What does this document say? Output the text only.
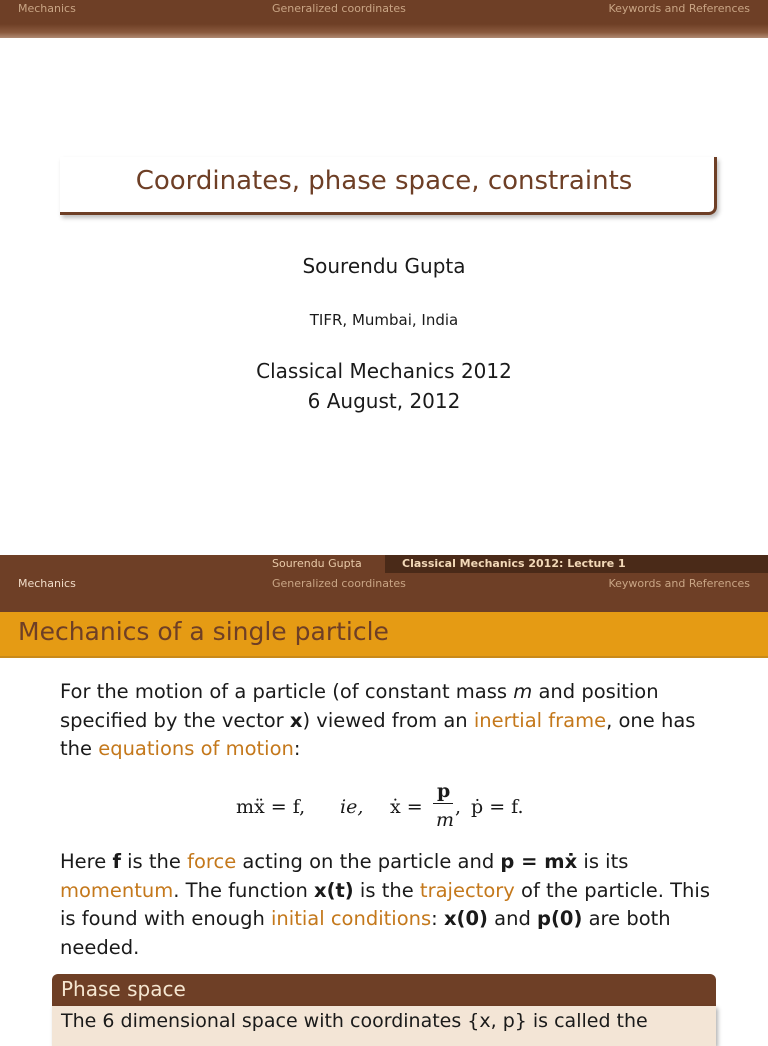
Mechanics	Generalized coordinates	Keywords and References
Coordinates, phase space, constraints
Sourendu Gupta
TIFR, Mumbai, India
Classical Mechanics 2012
6 August, 2012
Sourendu Gupta	Classical Mechanics 2012: Lecture 1
Mechanics	Generalized coordinates	Keywords and References
Mechanics of a single particle
For the motion of a particle (of constant mass m and position specified by the vector x) viewed from an inertial frame, one has the equations of motion:
mẍ = f, ie, ẋ =
p
m
, ṗ = f.
Here f is the force acting on the particle and p = mẋ is its momentum. The function x(t) is the trajectory of the particle. This is found with enough initial conditions: x(0) and p(0) are both needed.
Phase space
The 6 dimensional space with coordinates {x, p} is called the
